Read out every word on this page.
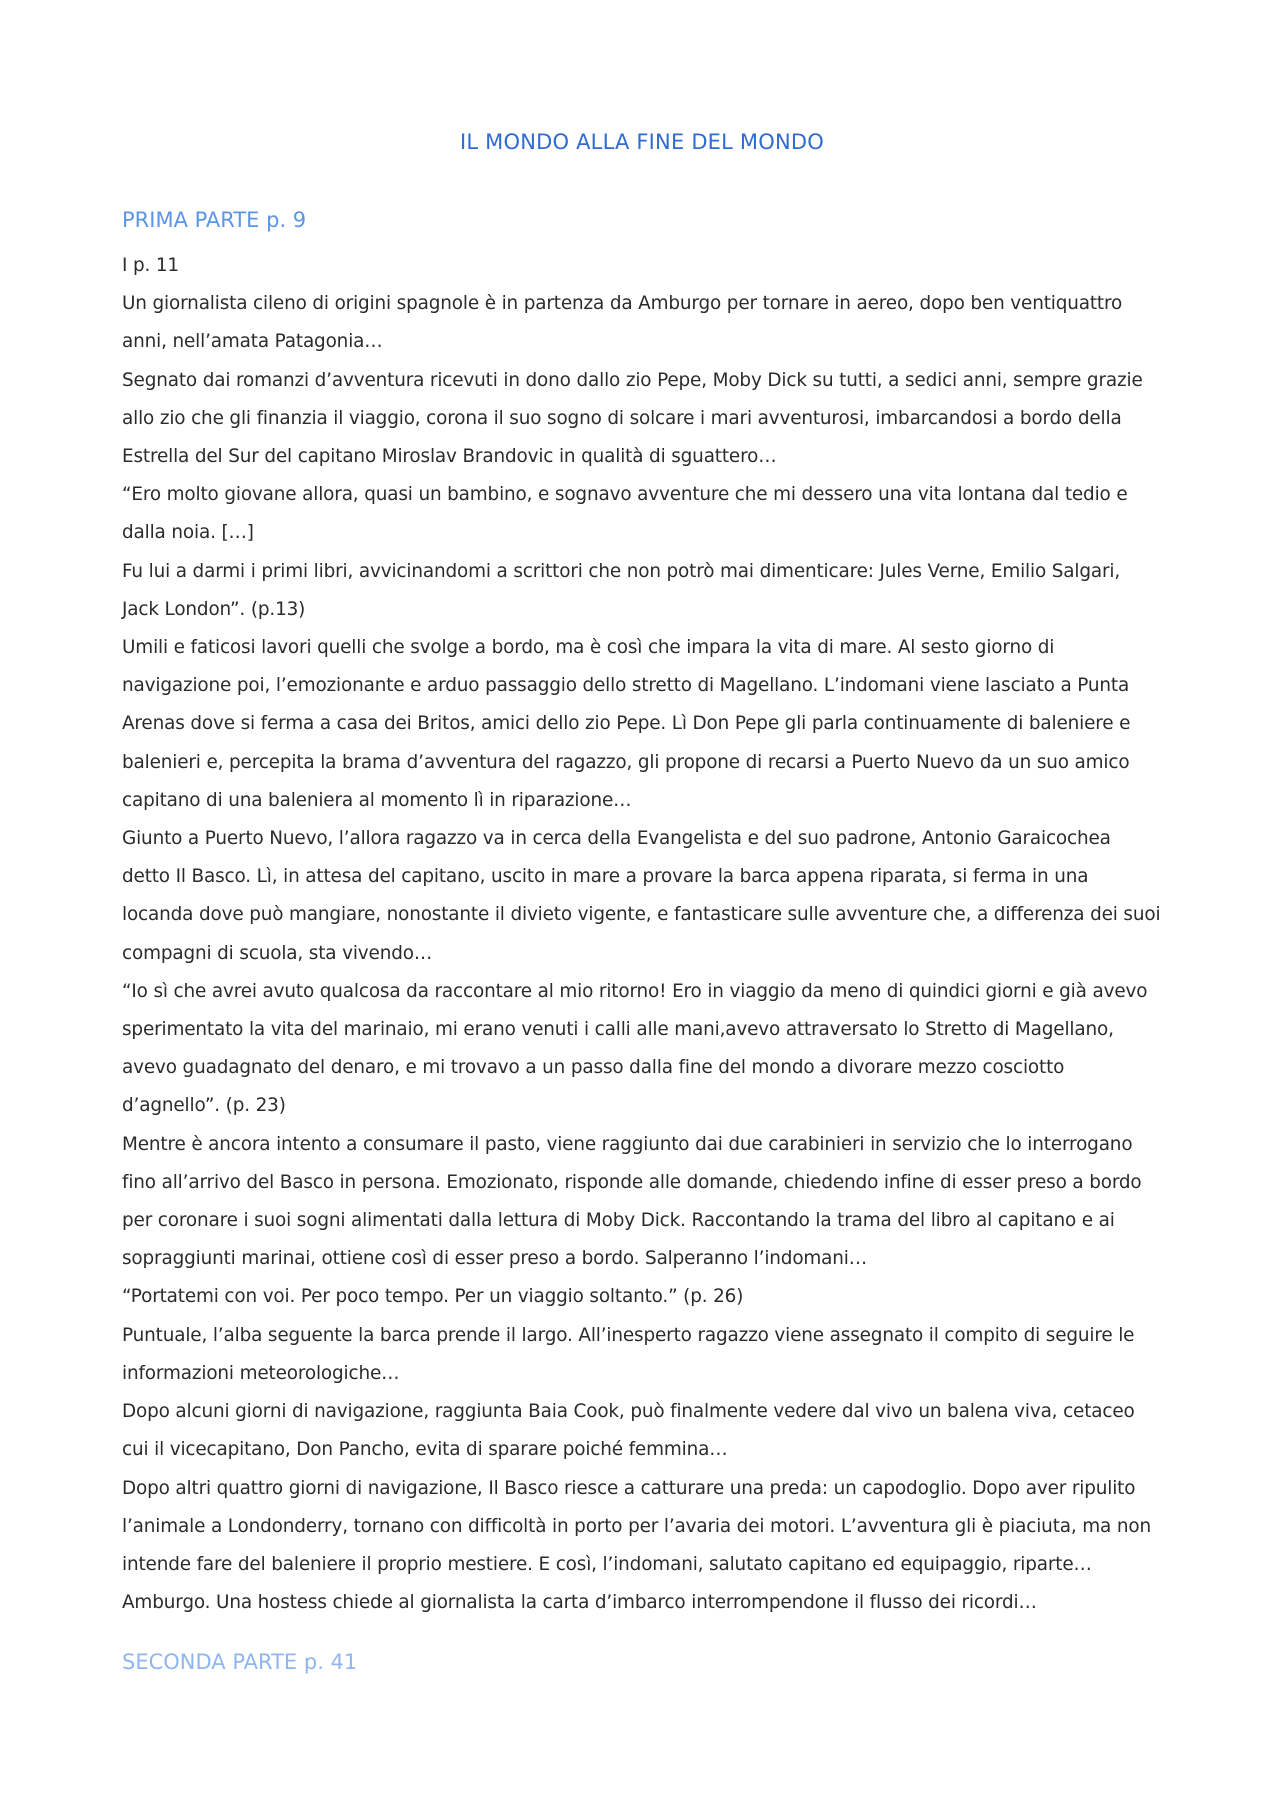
IL MONDO ALLA FINE DEL MONDO
PRIMA PARTE p. 9

I p. 11

Un giornalista cileno di origini spagnole è in partenza da Amburgo per tornare in aereo, dopo ben ventiquattro anni, nell’amata Patagonia…

Segnato dai romanzi d’avventura ricevuti in dono dallo zio Pepe, Moby Dick su tutti, a sedici anni, sempre grazie allo zio che gli finanzia il viaggio, corona il suo sogno di solcare i mari avventurosi, imbarcandosi a bordo della Estrella del Sur del capitano Miroslav Brandovic in qualità di sguattero…

“Ero molto giovane allora, quasi un bambino, e sognavo avventure che mi dessero una vita lontana dal tedio e dalla noia. […]

Fu lui a darmi i primi libri, avvicinandomi a scrittori che non potrò mai dimenticare: Jules Verne, Emilio Salgari, Jack London”. (p.13)

Umili e faticosi lavori quelli che svolge a bordo, ma è così che impara la vita di mare. Al sesto giorno di navigazione poi, l’emozionante e arduo passaggio dello stretto di Magellano. L’indomani viene lasciato a Punta Arenas dove si ferma a casa dei Britos, amici dello zio Pepe. Lì Don Pepe gli parla continuamente di baleniere e balenieri e, percepita la brama d’avventura del ragazzo, gli propone di recarsi a Puerto Nuevo da un suo amico capitano di una baleniera al momento lì in riparazione…

Giunto a Puerto Nuevo, l’allora ragazzo va in cerca della Evangelista e del suo padrone, Antonio Garaicochea detto Il Basco. Lì, in attesa del capitano, uscito in mare a provare la barca appena riparata, si ferma in una locanda dove può mangiare, nonostante il divieto vigente, e fantasticare sulle avventure che, a differenza dei suoi compagni di scuola, sta vivendo…

“Io sì che avrei avuto qualcosa da raccontare al mio ritorno! Ero in viaggio da meno di quindici giorni e già avevo sperimentato la vita del marinaio, mi erano venuti i calli alle mani,avevo attraversato lo Stretto di Magellano, avevo guadagnato del denaro, e mi trovavo a un passo dalla fine del mondo a divorare mezzo cosciotto d’agnello”. (p. 23)

Mentre è ancora intento a consumare il pasto, viene raggiunto dai due carabinieri in servizio che lo interrogano fino all’arrivo del Basco in persona. Emozionato, risponde alle domande, chiedendo infine di esser preso a bordo per coronare i suoi sogni alimentati dalla lettura di Moby Dick. Raccontando la trama del libro al capitano e ai sopraggiunti marinai, ottiene così di esser preso a bordo. Salperanno l’indomani…

“Portatemi con voi. Per poco tempo. Per un viaggio soltanto.” (p. 26)

Puntuale, l’alba seguente la barca prende il largo. All’inesperto ragazzo viene assegnato il compito di seguire le informazioni meteorologiche…

Dopo alcuni giorni di navigazione, raggiunta Baia Cook, può finalmente vedere dal vivo un balena viva, cetaceo cui il vicecapitano, Don Pancho, evita di sparare poiché femmina…

Dopo altri quattro giorni di navigazione, Il Basco riesce a catturare una preda: un capodoglio. Dopo aver ripulito l’animale a Londonderry, tornano con difficoltà in porto per l’avaria dei motori. L’avventura gli è piaciuta, ma non intende fare del baleniere il proprio mestiere. E così, l’indomani, salutato capitano ed equipaggio, riparte…

Amburgo. Una hostess chiede al giornalista la carta d’imbarco interrompendone il flusso dei ricordi…

SECONDA PARTE p. 41
